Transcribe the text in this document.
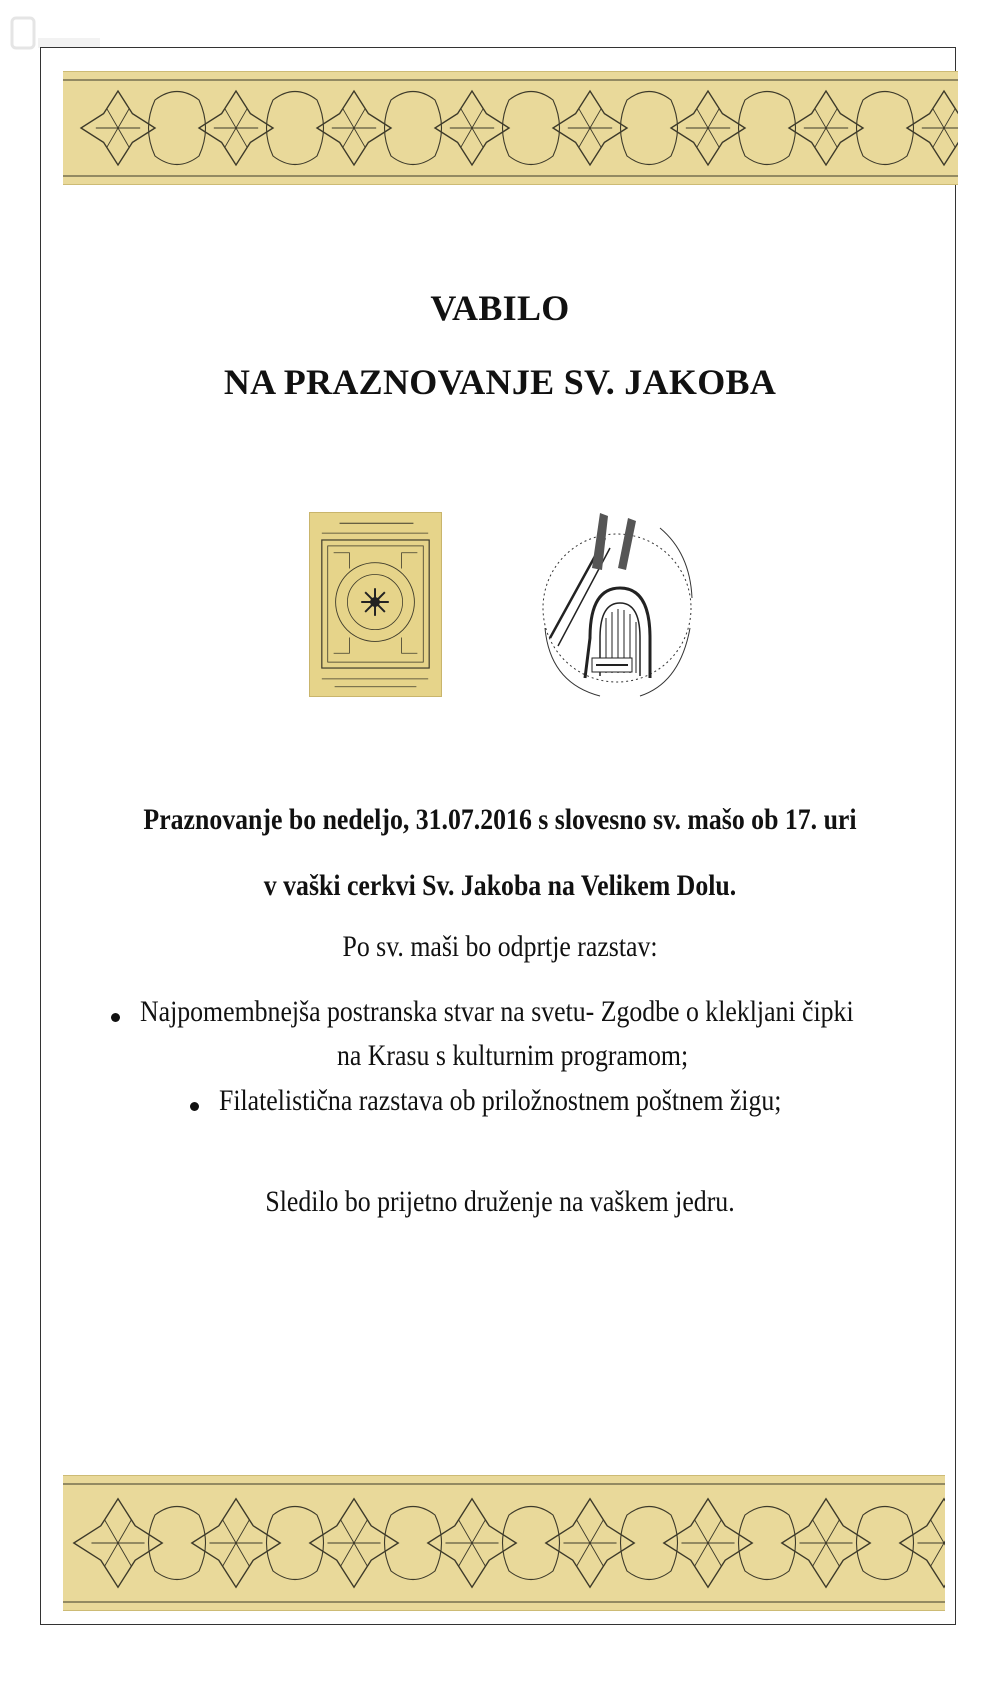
VABILO
NA PRAZNOVANJE SV. JAKOBA
Praznovanje bo nedeljo, 31.07.2016 s slovesno sv. mašo ob 17. uri
v vaški cerkvi Sv. Jakoba na Velikem Dolu.
Po sv. maši bo odprtje razstav:
Najpomembnejša postranska stvar na svetu- Zgodbe o klekljani čipki
na Krasu s kulturnim programom;
Filatelistična razstava ob priložnostnem poštnem žigu;
Sledilo bo prijetno druženje na vaškem jedru.
